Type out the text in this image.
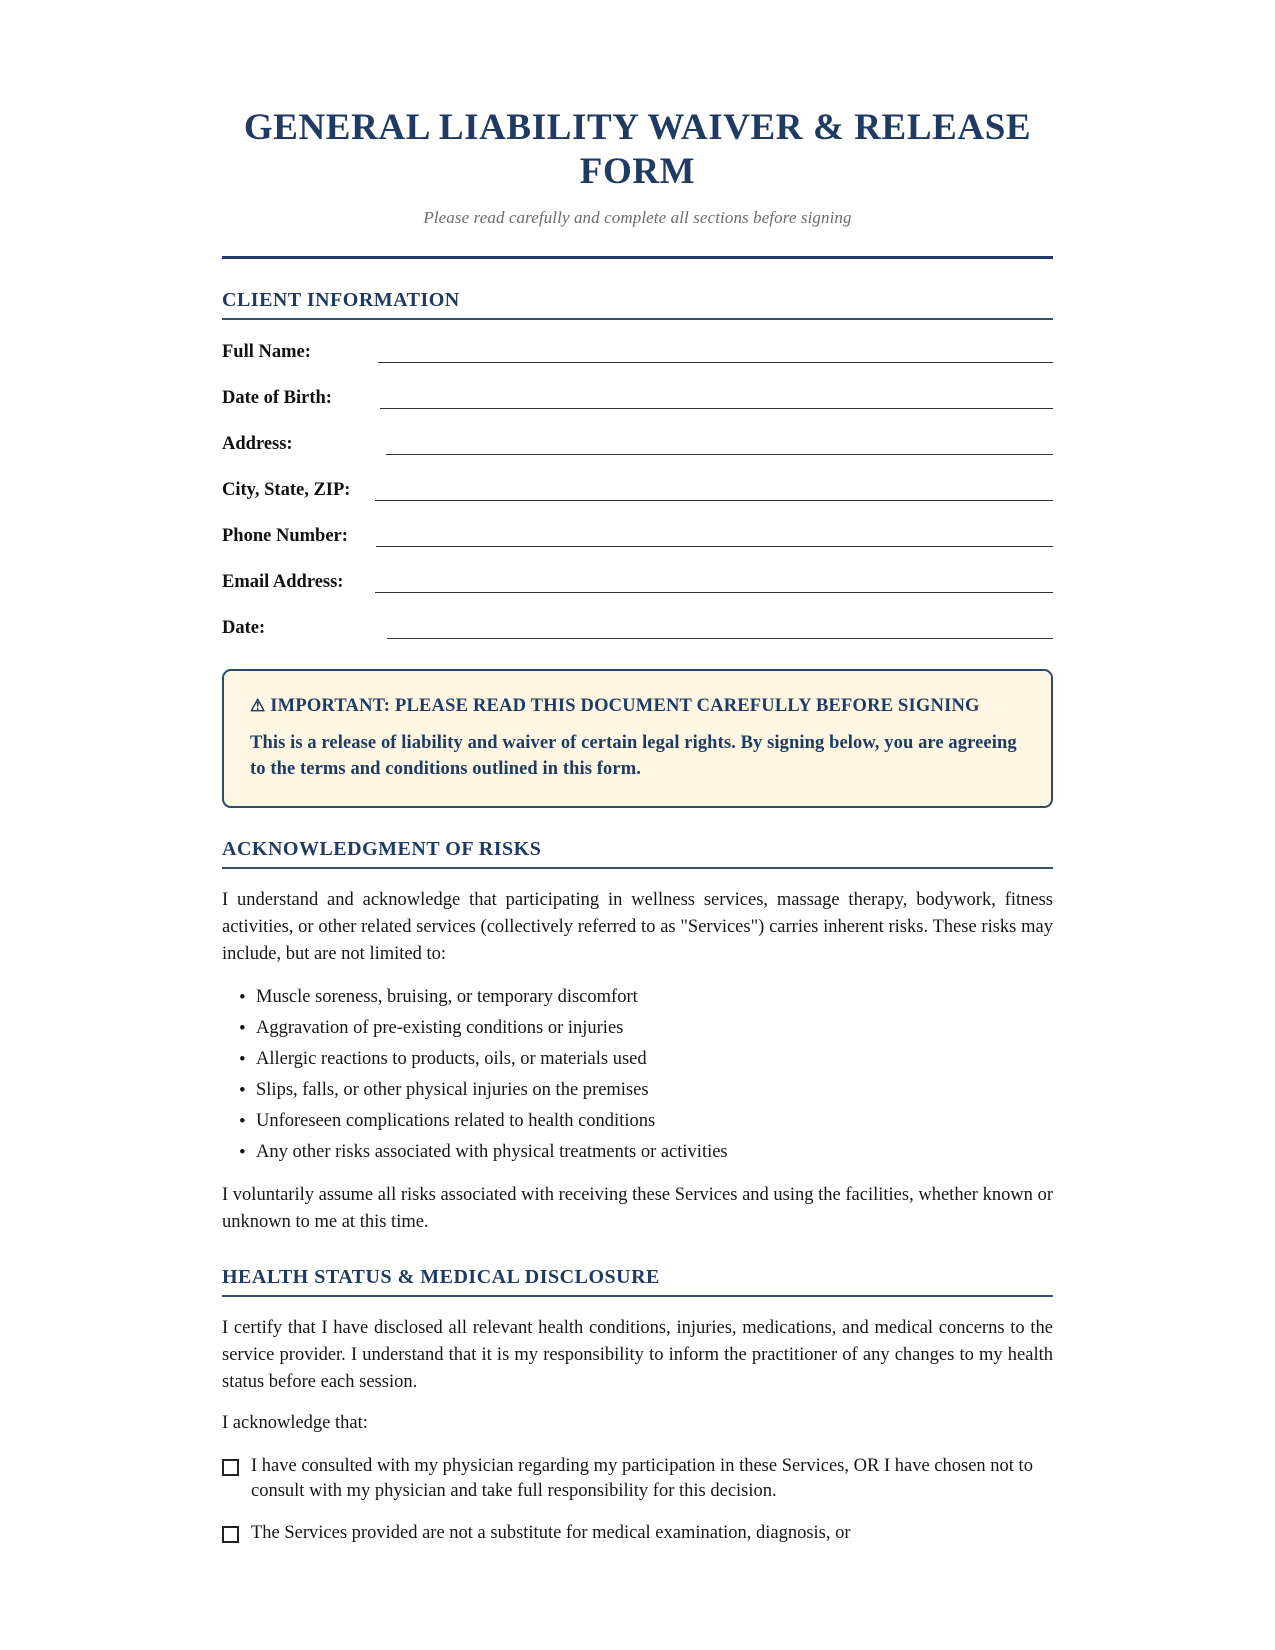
GENERAL LIABILITY WAIVER & RELEASE FORM
Please read carefully and complete all sections before signing
CLIENT INFORMATION
Full Name:
Date of Birth:
Address:
City, State, ZIP:
Phone Number:
Email Address:
Date:
⚠ IMPORTANT: PLEASE READ THIS DOCUMENT CAREFULLY BEFORE SIGNING
This is a release of liability and waiver of certain legal rights. By signing below, you are agreeing to the terms and conditions outlined in this form.
ACKNOWLEDGMENT OF RISKS

I understand and acknowledge that participating in wellness services, massage therapy, bodywork, fitness activities, or other related services (collectively referred to as "Services") carries inherent risks. These risks may include, but are not limited to:

• Muscle soreness, bruising, or temporary discomfort
• Aggravation of pre-existing conditions or injuries
• Allergic reactions to products, oils, or materials used
• Slips, falls, or other physical injuries on the premises
• Unforeseen complications related to health conditions
• Any other risks associated with physical treatments or activities

I voluntarily assume all risks associated with receiving these Services and using the facilities, whether known or unknown to me at this time.

HEALTH STATUS & MEDICAL DISCLOSURE

I certify that I have disclosed all relevant health conditions, injuries, medications, and medical concerns to the service provider. I understand that it is my responsibility to inform the practitioner of any changes to my health status before each session.

I acknowledge that:

I have consulted with my physician regarding my participation in these Services, OR I have chosen not to consult with my physician and take full responsibility for this decision.
The Services provided are not a substitute for medical examination, diagnosis, or
